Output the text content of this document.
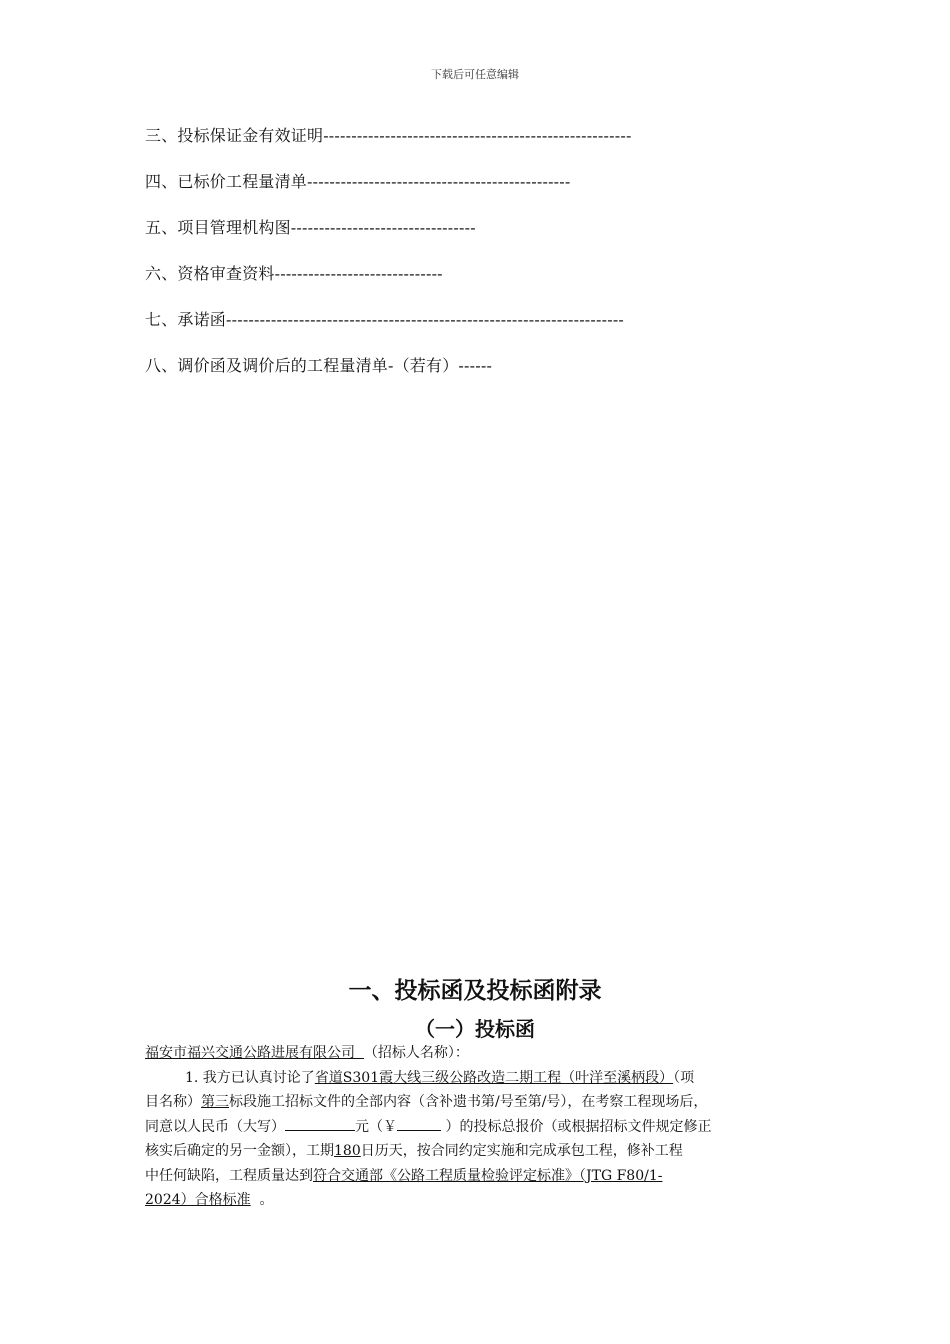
下载后可任意编辑
三、投标保证金有效证明-------------------------------------------------------
四、已标价工程量清单-----------------------------------------------
五、项目管理机构图---------------------------------
六、资格审查资料------------------------------
七、承诺函-----------------------------------------------------------------------
八、调价函及调价后的工程量清单-（若有）------
一、投标函及投标函附录
（一）投标函
福安市福兴交通公路进展有限公司 （招标人名称）：
1. 我方已认真讨论了省道S301霞大线三级公路改造二期工程（叶洋至溪柄段）（项
目名称）第三标段施工招标文件的全部内容（含补遗书第/号至第/号），在考察工程现场后，
同意以人民币（大写）	元（￥	）的投标总报价（或根据招标文件规定修正
核实后确定的另一金额），工期180日历天，按合同约定实施和完成承包工程，修补工程
中任何缺陷，工程质量达到符合交通部《公路工程质量检验评定标准》（JTG F80/1-
2024）合格标准 。
